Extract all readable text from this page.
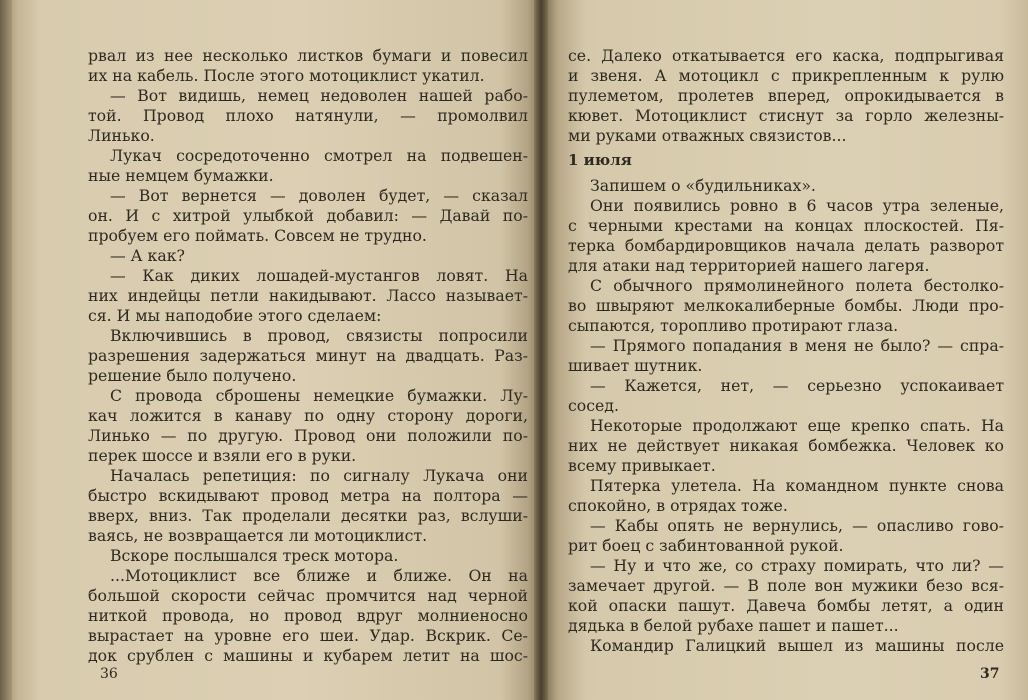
рвал из нее несколько листков бумаги и повесил
их на кабель. После этого мотоциклист укатил.
— Вот видишь, немец недоволен нашей рабо-
той. Провод плохо натянули, — промолвил
Линько.
Лукач сосредоточенно смотрел на подвешен-
ные немцем бумажки.
— Вот вернется — доволен будет, — сказал
он. И с хитрой улыбкой добавил: — Давай по-
пробуем его поймать. Совсем не трудно.
— А как?
— Как диких лошадей-мустангов ловят. На
них индейцы петли накидывают. Лассо называет-
ся. И мы наподобие этого сделаем:
Включившись в провод, связисты попросили
разрешения задержаться минут на двадцать. Раз-
решение было получено.
С провода сброшены немецкие бумажки. Лу-
кач ложится в канаву по одну сторону дороги,
Линько — по другую. Провод они положили по-
перек шоссе и взяли его в руки.
Началась репетиция: по сигналу Лукача они
быстро вскидывают провод метра на полтора —
вверх, вниз. Так проделали десятки раз, вслуши-
ваясь, не возвращается ли мотоциклист.
Вскоре послышался треск мотора.
...Мотоциклист все ближе и ближе. Он на
большой скорости сейчас промчится над черной
ниткой провода, но провод вдруг молниеносно
вырастает на уровне его шеи. Удар. Вскрик. Се-
док срублен с машины и кубарем летит на шос-
36
се. Далеко откатывается его каска, подпрыгивая
и звеня. А мотоцикл с прикрепленным к рулю
пулеметом, пролетев вперед, опрокидывается в
кювет. Мотоциклист стиснут за горло железны-
ми руками отважных связистов...
1 июля
Запишем о «будильниках».
Они появились ровно в 6 часов утра зеленые,
с черными крестами на концах плоскостей. Пя-
терка бомбардировщиков начала делать разворот
для атаки над территорией нашего лагеря.
С обычного прямолинейного полета бестолко-
во швыряют мелкокалиберные бомбы. Люди про-
сыпаются, торопливо протирают глаза.
— Прямого попадания в меня не было? — спра-
шивает шутник.
— Кажется, нет, — серьезно успокаивает
сосед.
Некоторые продолжают еще крепко спать. На
них не действует никакая бомбежка. Человек ко
всему привыкает.
Пятерка улетела. На командном пункте снова
спокойно, в отрядах тоже.
— Кабы опять не вернулись, — опасливо гово-
рит боец с забинтованной рукой.
— Ну и что же, со страху помирать, что ли? —
замечает другой. — В поле вон мужики безо вся-
кой опаски пашут. Давеча бомбы летят, а один
дядька в белой рубахе пашет и пашет...
Командир Галицкий вышел из машины после
37
